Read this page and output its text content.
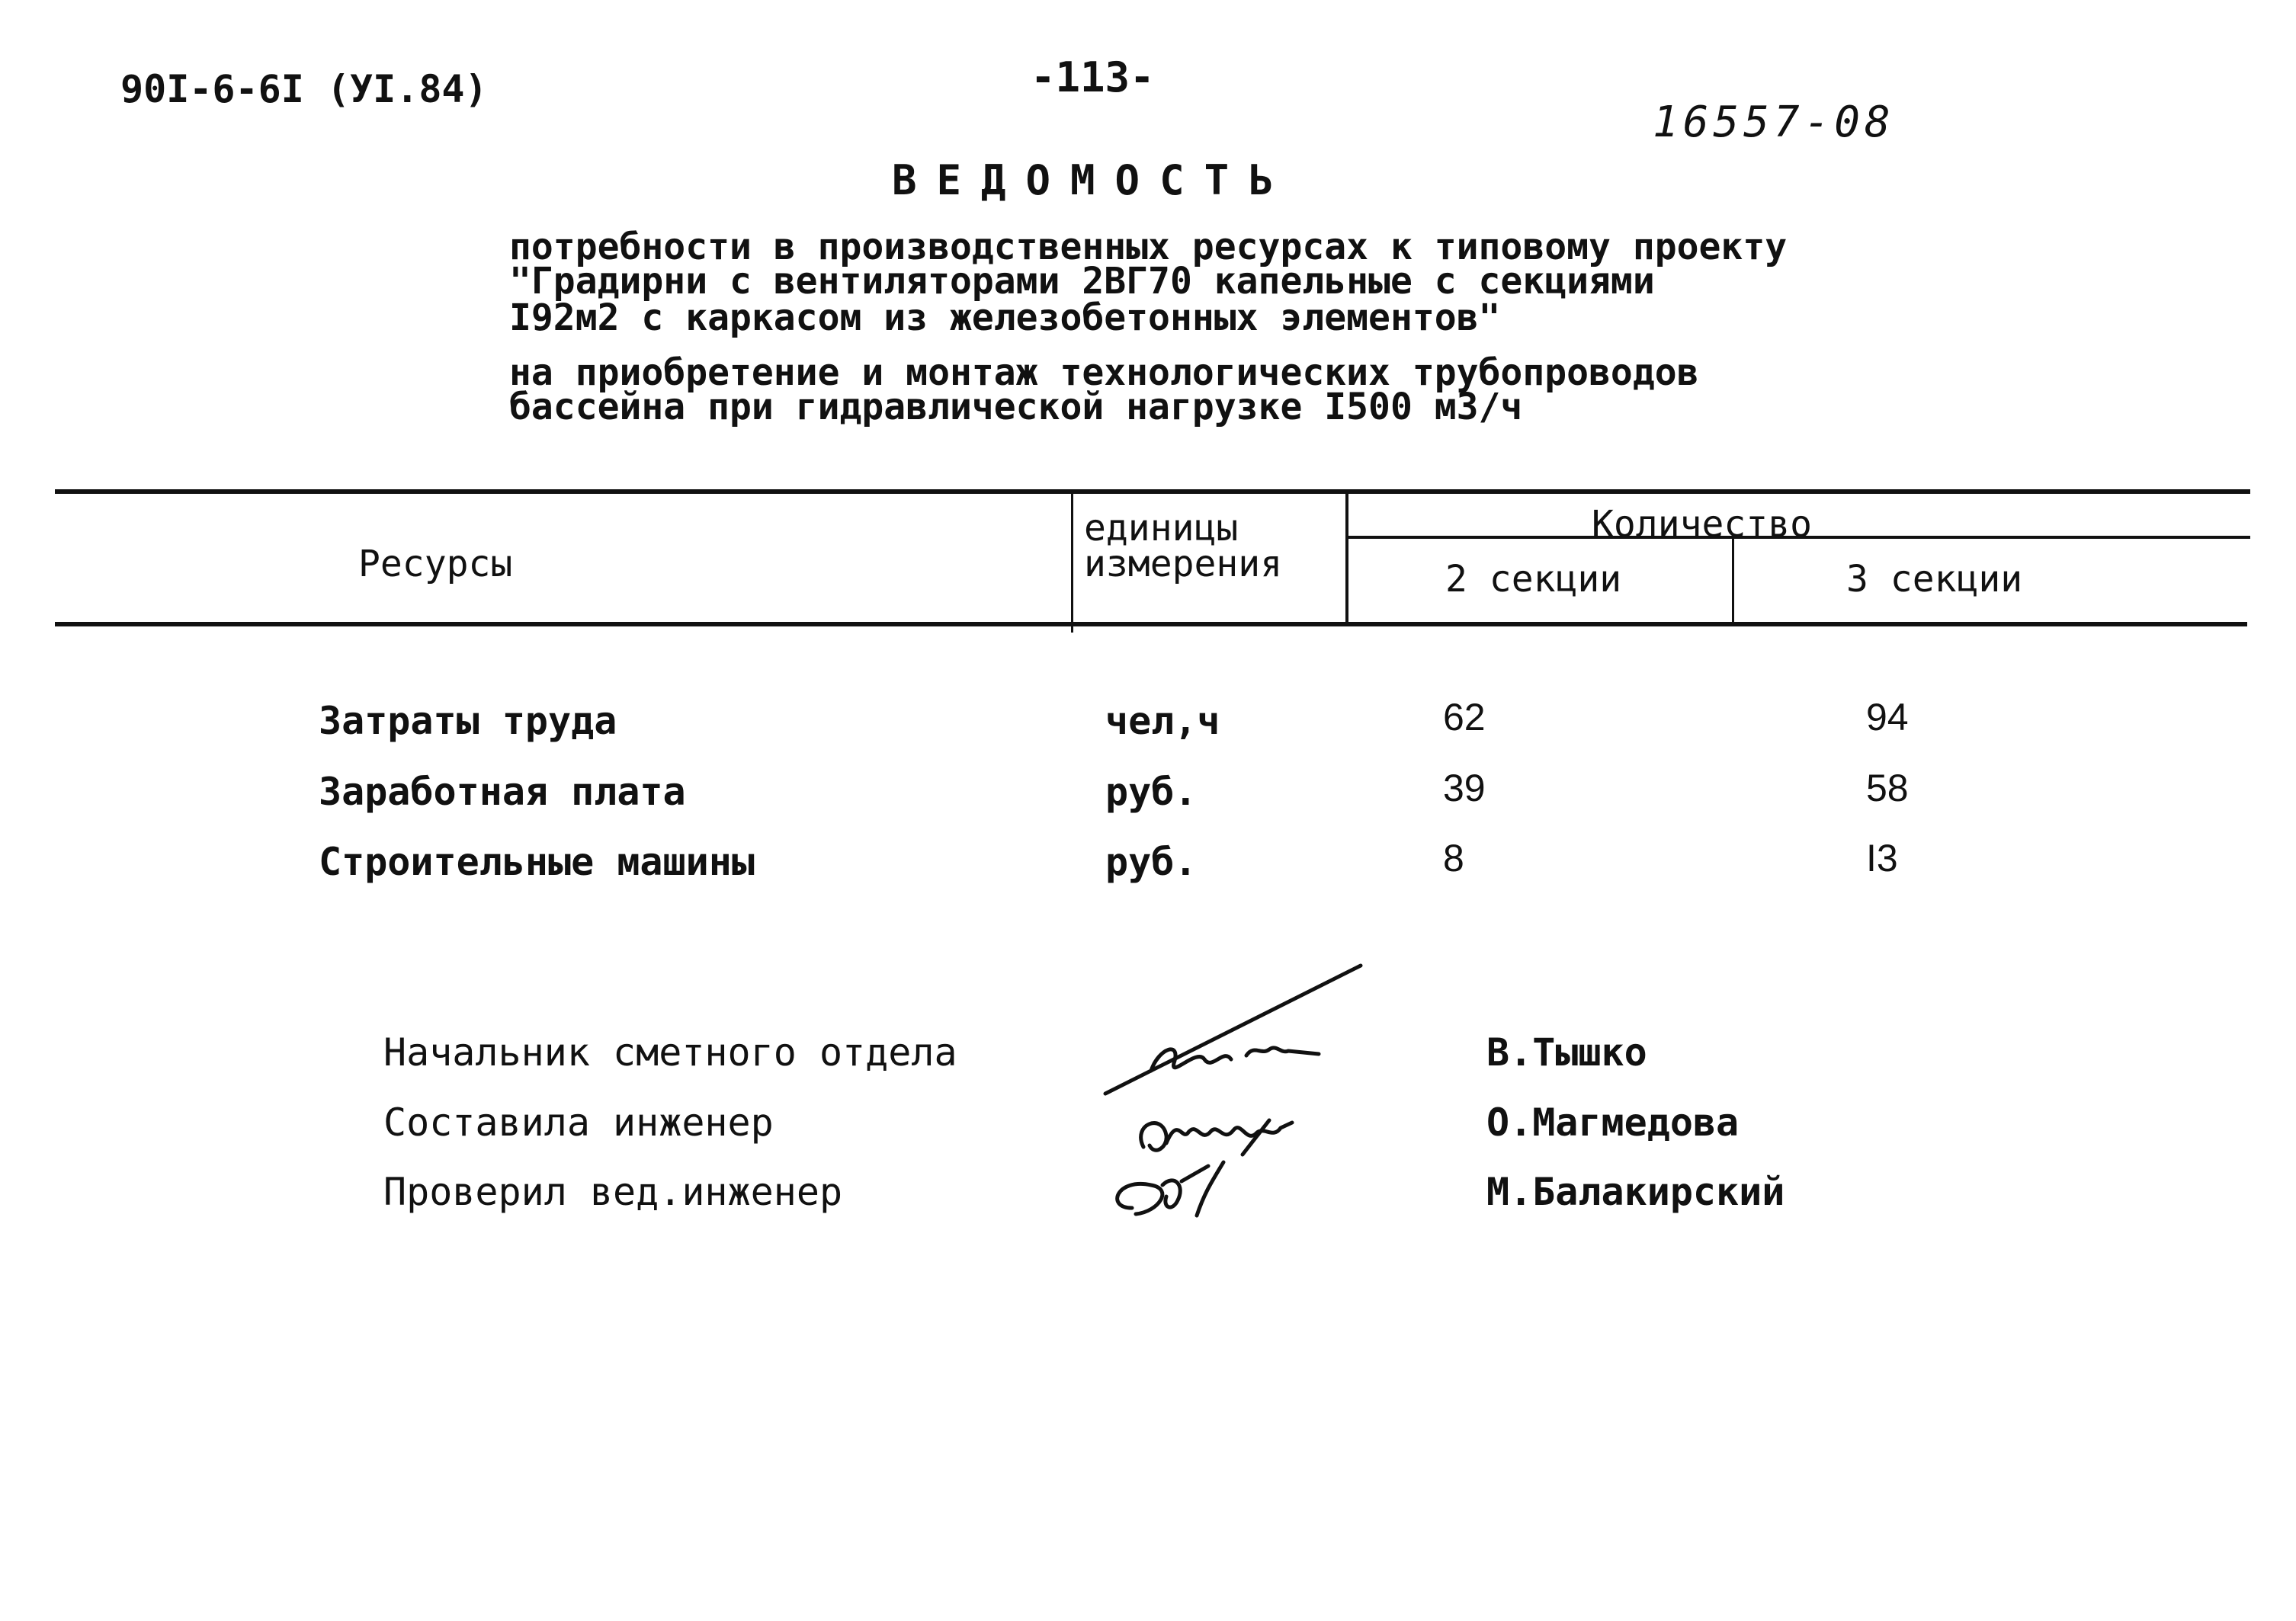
90I-6-6I (УI.84)	-113-
16557-08
ВЕДОМОСТЬ
потребности в производственных ресурсах к типовому проекту
"Градирни с вентиляторами 2ВГ70 капельные с секциями
I92м2 с каркасом из железобетонных элементов"
на приобретение и монтаж технологических трубопроводов
бассейна при гидравлической нагрузке I500 м3/ч
Ресурсы
единицы
измерения
Количество
2 секции	3 секции
Затраты труда	чел,ч	62	94
Заработная плата	руб.	39	58
Строительные машины	руб.	8	I3
Начальник сметного отдела
Составила инженер
Проверил вед.инженер
В.Тышко
О.Магмедова
М.Балакирский
